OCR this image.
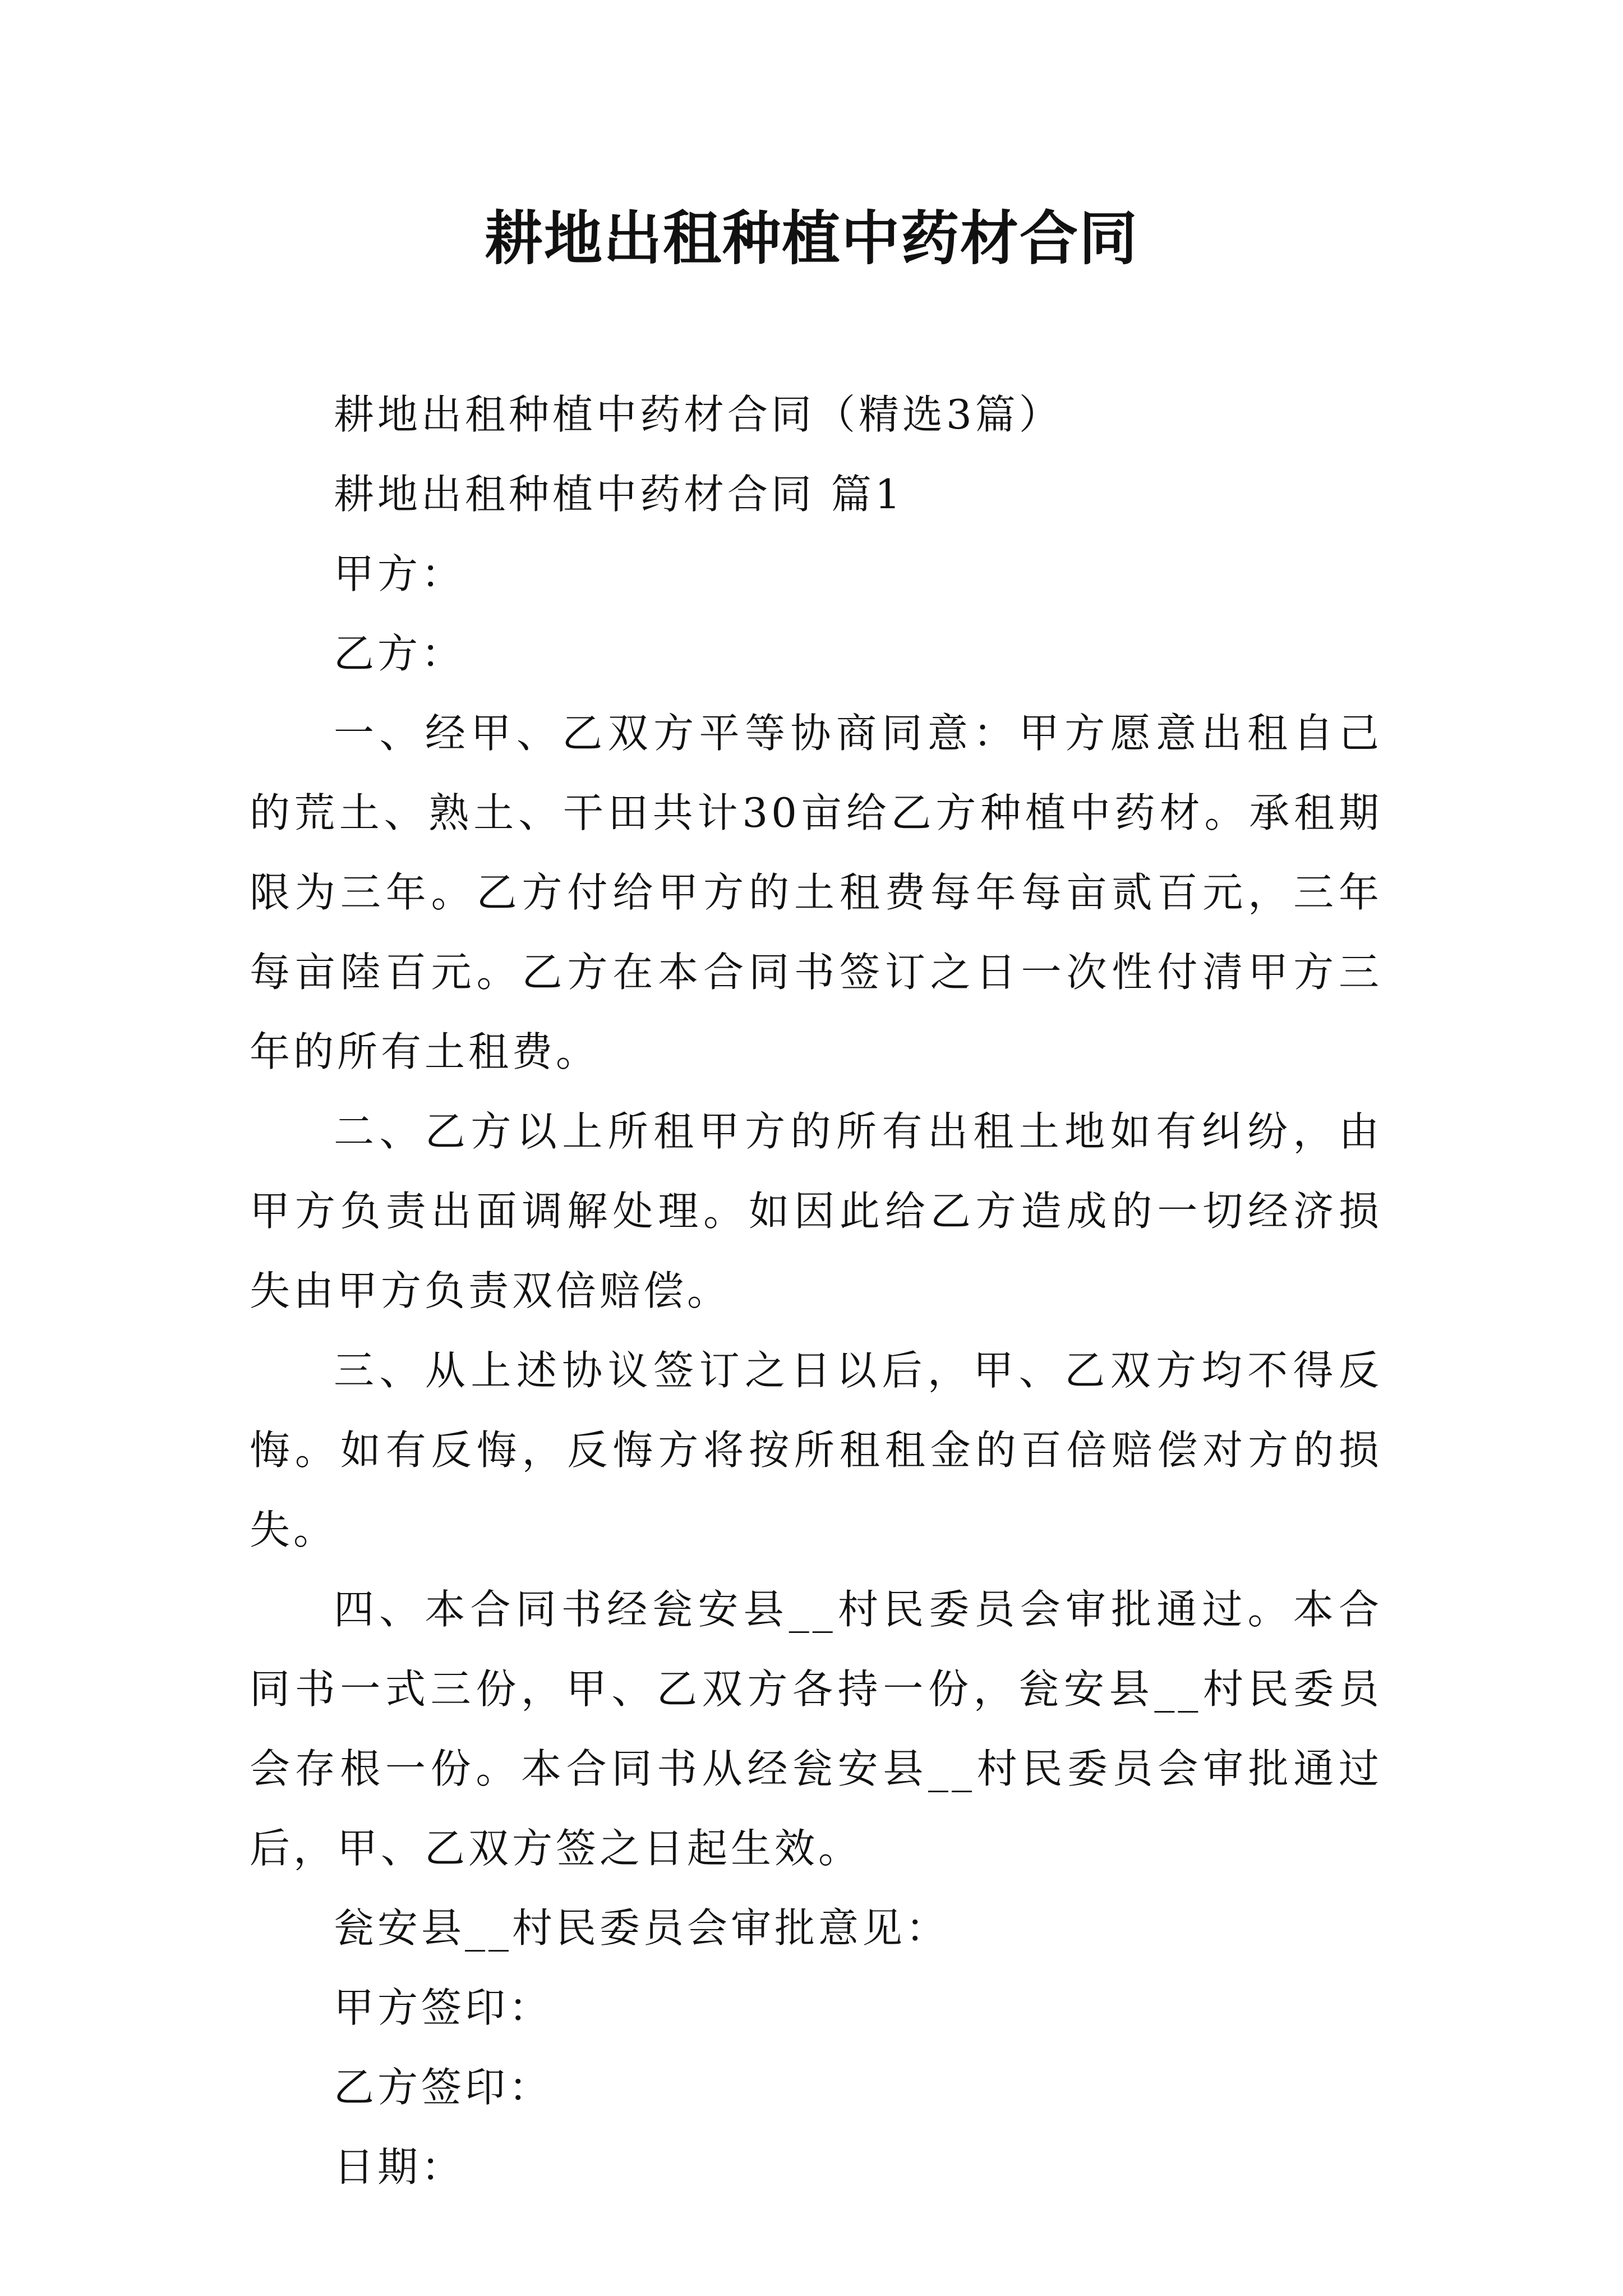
耕地出租种植中药材合同

耕地出租种植中药材合同（精选3篇）

耕地出租种植中药材合同 篇1

甲方：

乙方：

一、经甲、乙双方平等协商同意：甲方愿意出租自己的荒土、熟土、干田共计30亩给乙方种植中药材。承租期限为三年。乙方付给甲方的土租费每年每亩贰百元，三年每亩陸百元。乙方在本合同书签订之日一次性付清甲方三年的所有土租费。

二、乙方以上所租甲方的所有出租土地如有纠纷，由甲方负责出面调解处理。如因此给乙方造成的一切经济损失由甲方负责双倍赔偿。

三、从上述协议签订之日以后，甲、乙双方均不得反悔。如有反悔，反悔方将按所租租金的百倍赔偿对方的损失。

四、本合同书经瓮安县__村民委员会审批通过。本合同书一式三份，甲、乙双方各持一份，瓮安县__村民委员会存根一份。本合同书从经瓮安县__村民委员会审批通过后，甲、乙双方签之日起生效。

瓮安县__村民委员会审批意见：

甲方签印：

乙方签印：

日期：
